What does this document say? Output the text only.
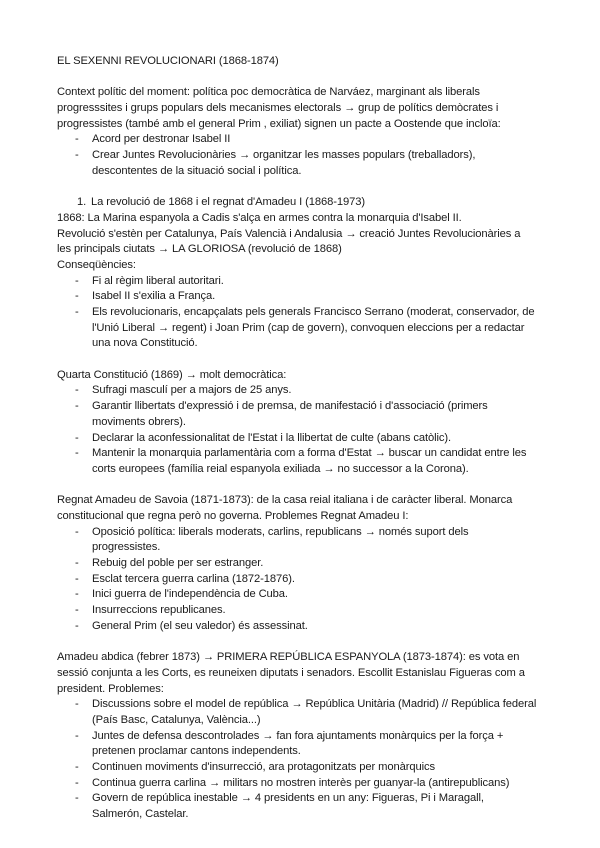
EL SEXENNI REVOLUCIONARI (1868-1874)
Context polític del moment: política poc democràtica de Narváez, marginant als liberals
progresssites i grups populars dels mecanismes electorals → grup de polítics demòcrates i
progressistes (també amb el general Prim , exiliat) signen un pacte a Oostende que incloïa:
- Acord per destronar Isabel II
- Crear Juntes Revolucionàries → organitzar les masses populars (treballadors),
descontentes de la situació social i política.
1. La revolució de 1868 i el regnat d'Amadeu I (1868-1973)
1868: La Marina espanyola a Cadis s'alça en armes contra la monarquia d'Isabel II.
Revolució s'estèn per Catalunya, País Valencià i Andalusia → creació Juntes Revolucionàries a
les principals ciutats → LA GLORIOSA (revolució de 1868)
Conseqüències:
- Fi al règim liberal autoritari.
- Isabel II s'exilia a França.
- Els revolucionaris, encapçalats pels generals Francisco Serrano (moderat, conservador, de
l'Unió Liberal → regent) i Joan Prim (cap de govern), convoquen eleccions per a redactar
una nova Constitució.
Quarta Constitució (1869) → molt democràtica:
- Sufragi masculí per a majors de 25 anys.
- Garantir llibertats d'expressió i de premsa, de manifestació i d'associació (primers
moviments obrers).
- Declarar la aconfessionalitat de l'Estat i la llibertat de culte (abans catòlic).
- Mantenir la monarquia parlamentària com a forma d'Estat → buscar un candidat entre les
corts europees (família reial espanyola exiliada → no successor a la Corona).
Regnat Amadeu de Savoia (1871-1873): de la casa reial italiana i de caràcter liberal. Monarca
constitucional que regna però no governa. Problemes Regnat Amadeu I:
- Oposició política: liberals moderats, carlins, republicans → només suport dels
progressistes.
- Rebuig del poble per ser estranger.
- Esclat tercera guerra carlina (1872-1876).
- Inici guerra de l'independència de Cuba.
- Insurreccions republicanes.
- General Prim (el seu valedor) és assessinat.
Amadeu abdica (febrer 1873) → PRIMERA REPÚBLICA ESPANYOLA (1873-1874): es vota en
sessió conjunta a les Corts, es reuneixen diputats i senadors. Escollit Estanislau Figueras com a
president. Problemes:
- Discussions sobre el model de república → República Unitària (Madrid) // República federal
(País Basc, Catalunya, València...)
- Juntes de defensa descontrolades → fan fora ajuntaments monàrquics per la força +
pretenen proclamar cantons independents.
- Continuen moviments d'insurrecció, ara protagonitzats per monàrquics
- Continua guerra carlina → militars no mostren interès per guanyar-la (antirepublicans)
- Govern de república inestable → 4 presidents en un any: Figueras, Pi i Maragall,
Salmerón, Castelar.
